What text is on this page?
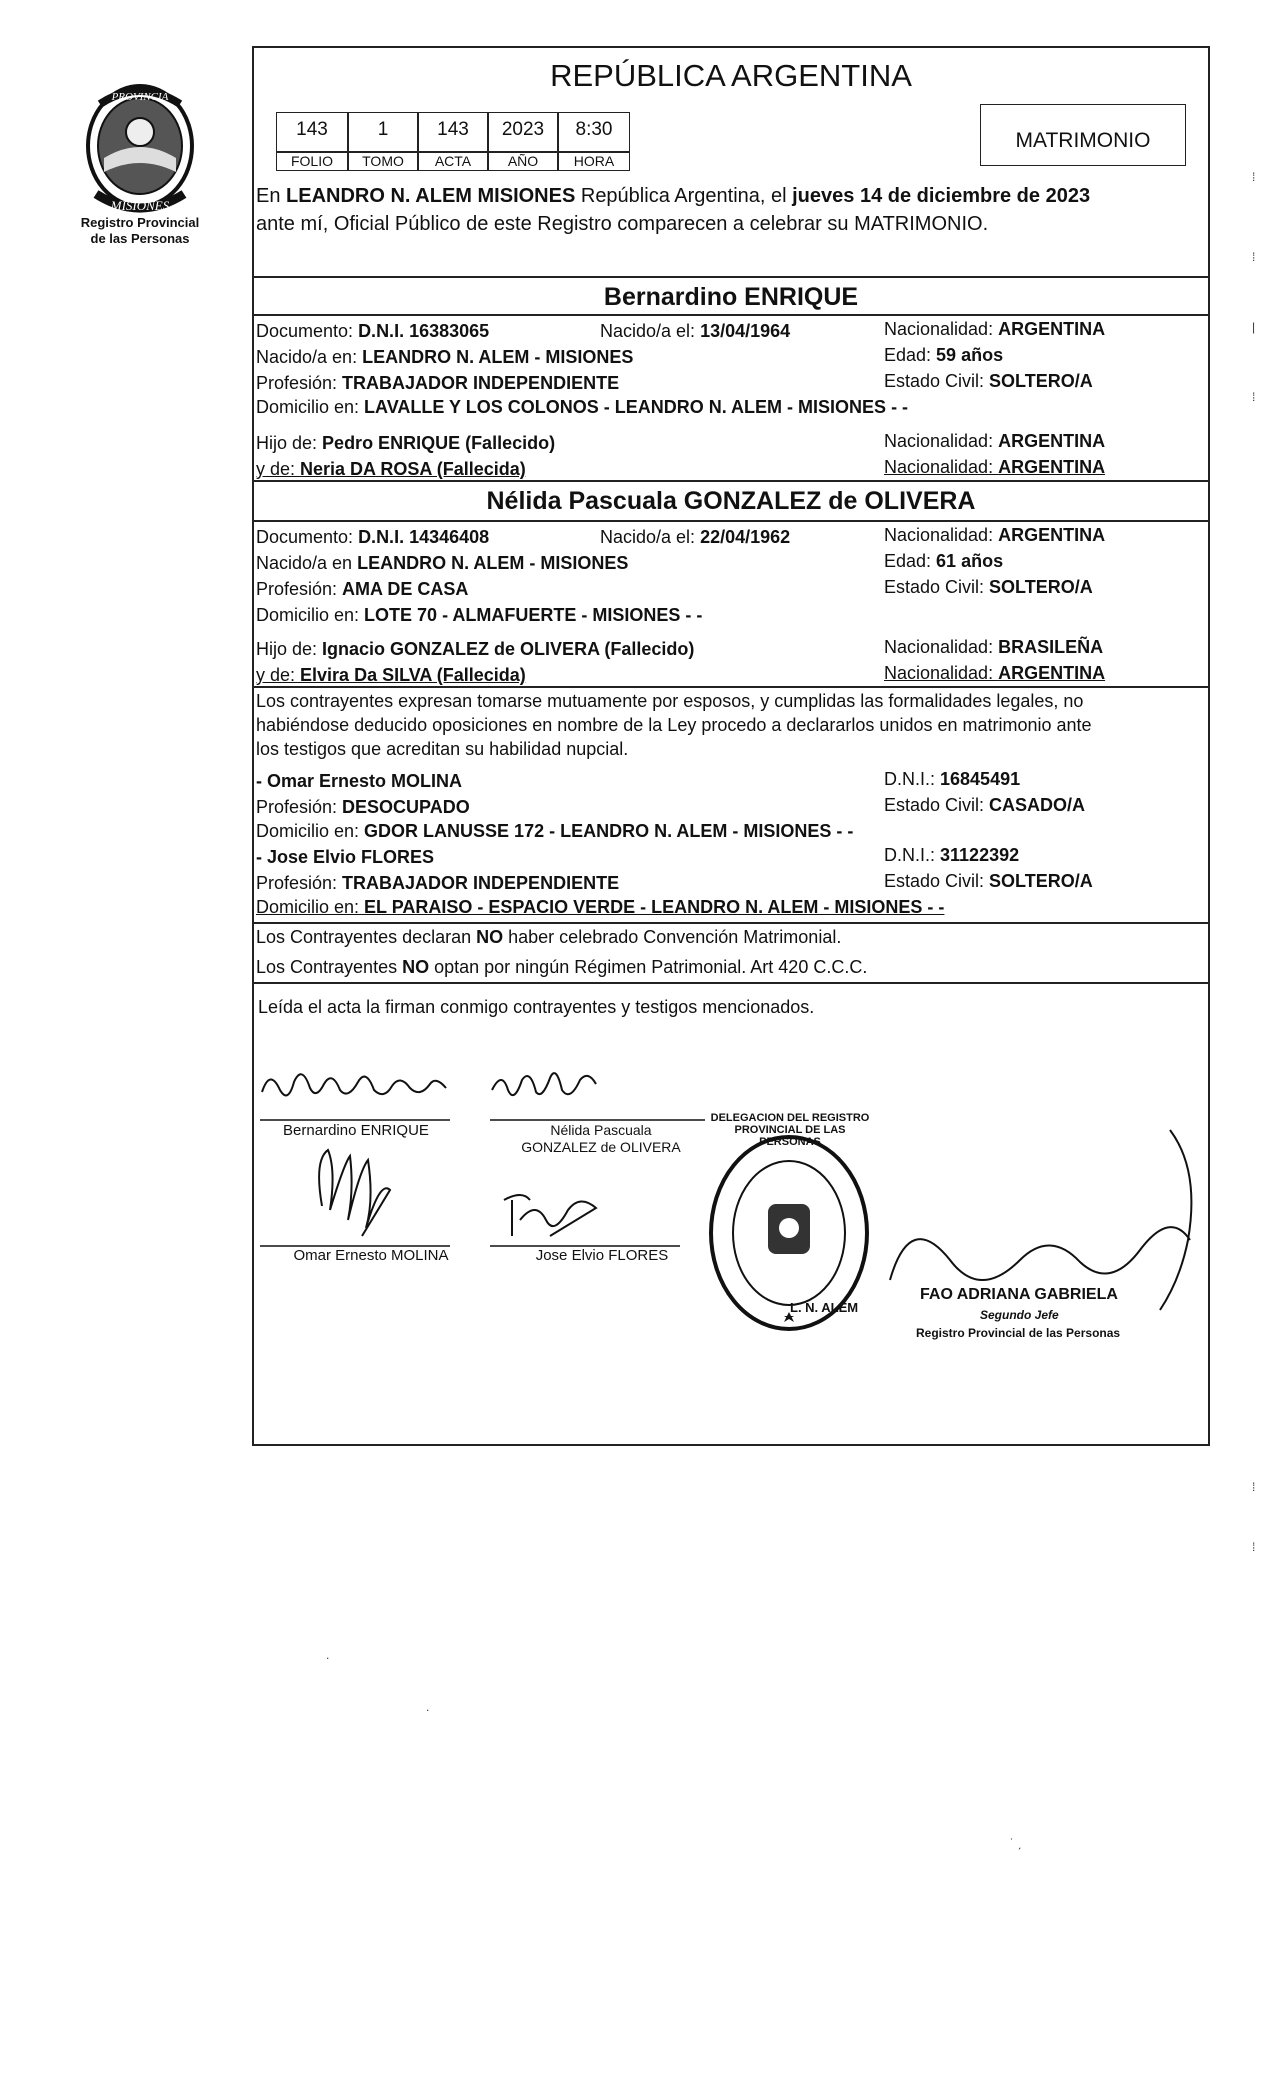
PROVINCIA
MISIONES
Registro Provincial
de las Personas
REPÚBLICA ARGENTINA
143	1	143	2023	8:30
FOLIO	TOMO	ACTA	AÑO	HORA
MATRIMONIO
En LEANDRO N. ALEM MISIONES República Argentina, el jueves 14 de diciembre de 2023
ante mí, Oficial Público de este Registro comparecen a celebrar su MATRIMONIO.
Bernardino ENRIQUE
Documento: D.N.I. 16383065	Nacido/a el: 13/04/1964	Nacionalidad: ARGENTINA
Nacido/a en: LEANDRO N. ALEM - MISIONES	Edad: 59 años
Profesión: TRABAJADOR INDEPENDIENTE	Estado Civil: SOLTERO/A
Domicilio en: LAVALLE Y LOS COLONOS - LEANDRO N. ALEM - MISIONES - -
Hijo de: Pedro ENRIQUE (Fallecido)	Nacionalidad: ARGENTINA
y de: Neria DA ROSA (Fallecida)	Nacionalidad: ARGENTINA
Nélida Pascuala GONZALEZ de OLIVERA
Documento: D.N.I. 14346408	Nacido/a el: 22/04/1962	Nacionalidad: ARGENTINA
Nacido/a en LEANDRO N. ALEM - MISIONES	Edad: 61 años
Profesión: AMA DE CASA	Estado Civil: SOLTERO/A
Domicilio en: LOTE 70 - ALMAFUERTE - MISIONES - -
Hijo de: Ignacio GONZALEZ de OLIVERA (Fallecido)	Nacionalidad: BRASILEÑA
y de: Elvira Da SILVA (Fallecida)	Nacionalidad: ARGENTINA
Los contrayentes expresan tomarse mutuamente por esposos, y cumplidas las formalidades legales, no
habiéndose deducido oposiciones en nombre de la Ley procedo a declararlos unidos en matrimonio ante
los testigos que acreditan su habilidad nupcial.
- Omar Ernesto MOLINA	D.N.I.: 16845491
Profesión: DESOCUPADO	Estado Civil: CASADO/A
Domicilio en: GDOR LANUSSE 172 - LEANDRO N. ALEM - MISIONES - -
- Jose Elvio FLORES	D.N.I.: 31122392
Profesión: TRABAJADOR INDEPENDIENTE	Estado Civil: SOLTERO/A
Domicilio en: EL PARAISO - ESPACIO VERDE - LEANDRO N. ALEM - MISIONES - -
Los Contrayentes declaran NO haber celebrado Convención Matrimonial.
Los Contrayentes NO optan por ningún Régimen Patrimonial. Art 420 C.C.C.
Leída el acta la firman conmigo contrayentes y testigos mencionados.
Bernardino ENRIQUE	Nélida Pascuala
GONZALEZ de OLIVERA
Omar Ernesto MOLINA	Jose Elvio FLORES
L. N. ALEM
DELEGACION DEL REGISTRO PROVINCIAL DE LAS PERSONAS
FAO ADRIANA GABRIELA
Segundo Jefe
Registro Provincial de las Personas
⁞
⁞
|
⁞
⁞
⁞
.
.
˙ ˏ
